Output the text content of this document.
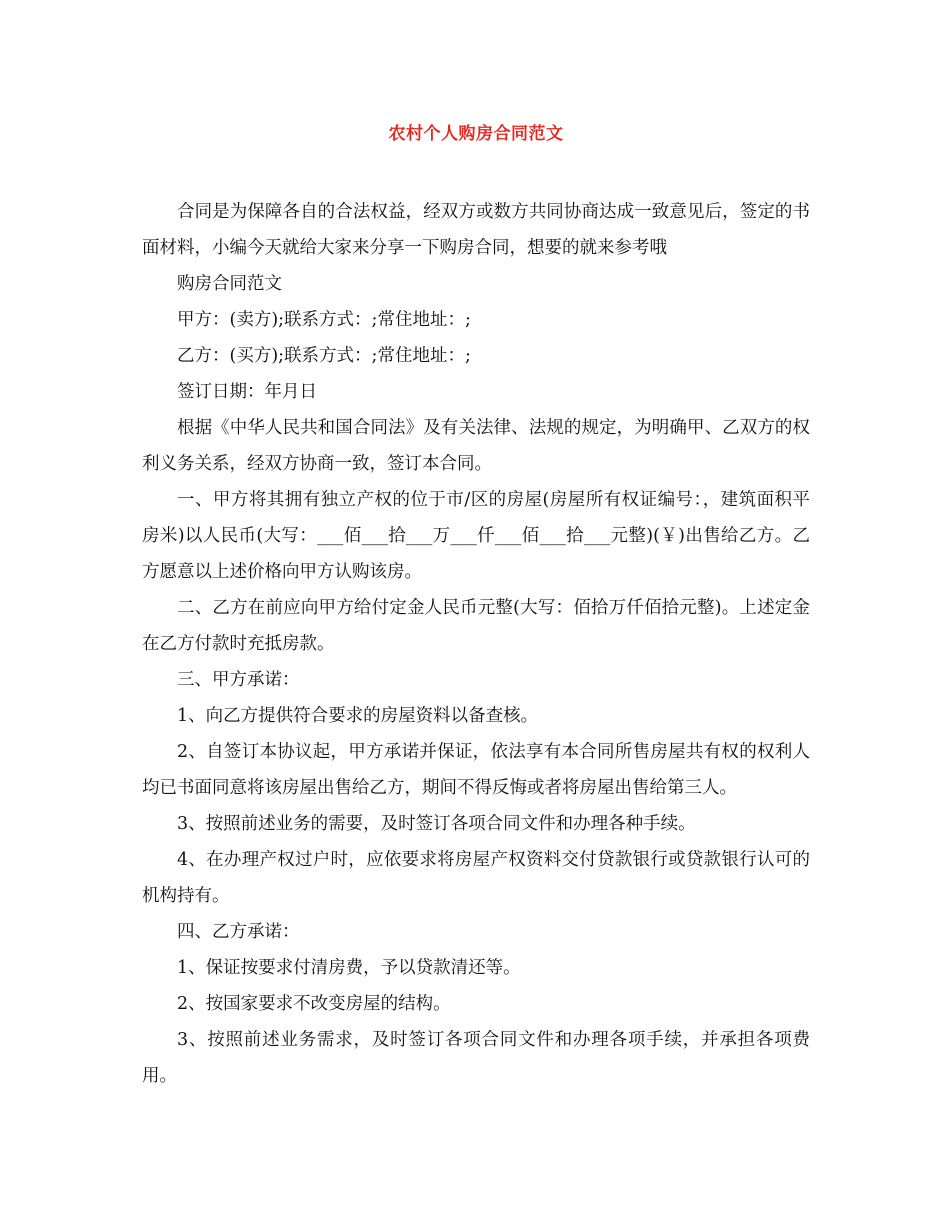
农村个人购房合同范文

合同是为保障各自的合法权益，经双方或数方共同协商达成一致意见后，签定的书面材料，小编今天就给大家来分享一下购房合同，想要的就来参考哦

购房合同范文

甲方：(卖方);联系方式：;常住地址：;

乙方：(买方);联系方式：;常住地址：;

签订日期：年月日

根据《中华人民共和国合同法》及有关法律、法规的规定，为明确甲、乙双方的权利义务关系，经双方协商一致，签订本合同。

一、甲方将其拥有独立产权的位于市/区的房屋(房屋所有权证编号：，建筑面积平房米)以人民币(大写：___佰___拾___万___仟___佰___拾___元整)(￥)出售给乙方。乙方愿意以上述价格向甲方认购该房。

二、乙方在前应向甲方给付定金人民币元整(大写：佰拾万仟佰拾元整)。上述定金在乙方付款时充抵房款。

三、甲方承诺：

1、向乙方提供符合要求的房屋资料以备查核。

2、自签订本协议起，甲方承诺并保证，依法享有本合同所售房屋共有权的权利人均已书面同意将该房屋出售给乙方，期间不得反悔或者将房屋出售给第三人。

3、按照前述业务的需要，及时签订各项合同文件和办理各种手续。

4、在办理产权过户时，应依要求将房屋产权资料交付贷款银行或贷款银行认可的机构持有。

四、乙方承诺：

1、保证按要求付清房费，予以贷款清还等。

2、按国家要求不改变房屋的结构。

3、按照前述业务需求，及时签订各项合同文件和办理各项手续，并承担各项费用。
